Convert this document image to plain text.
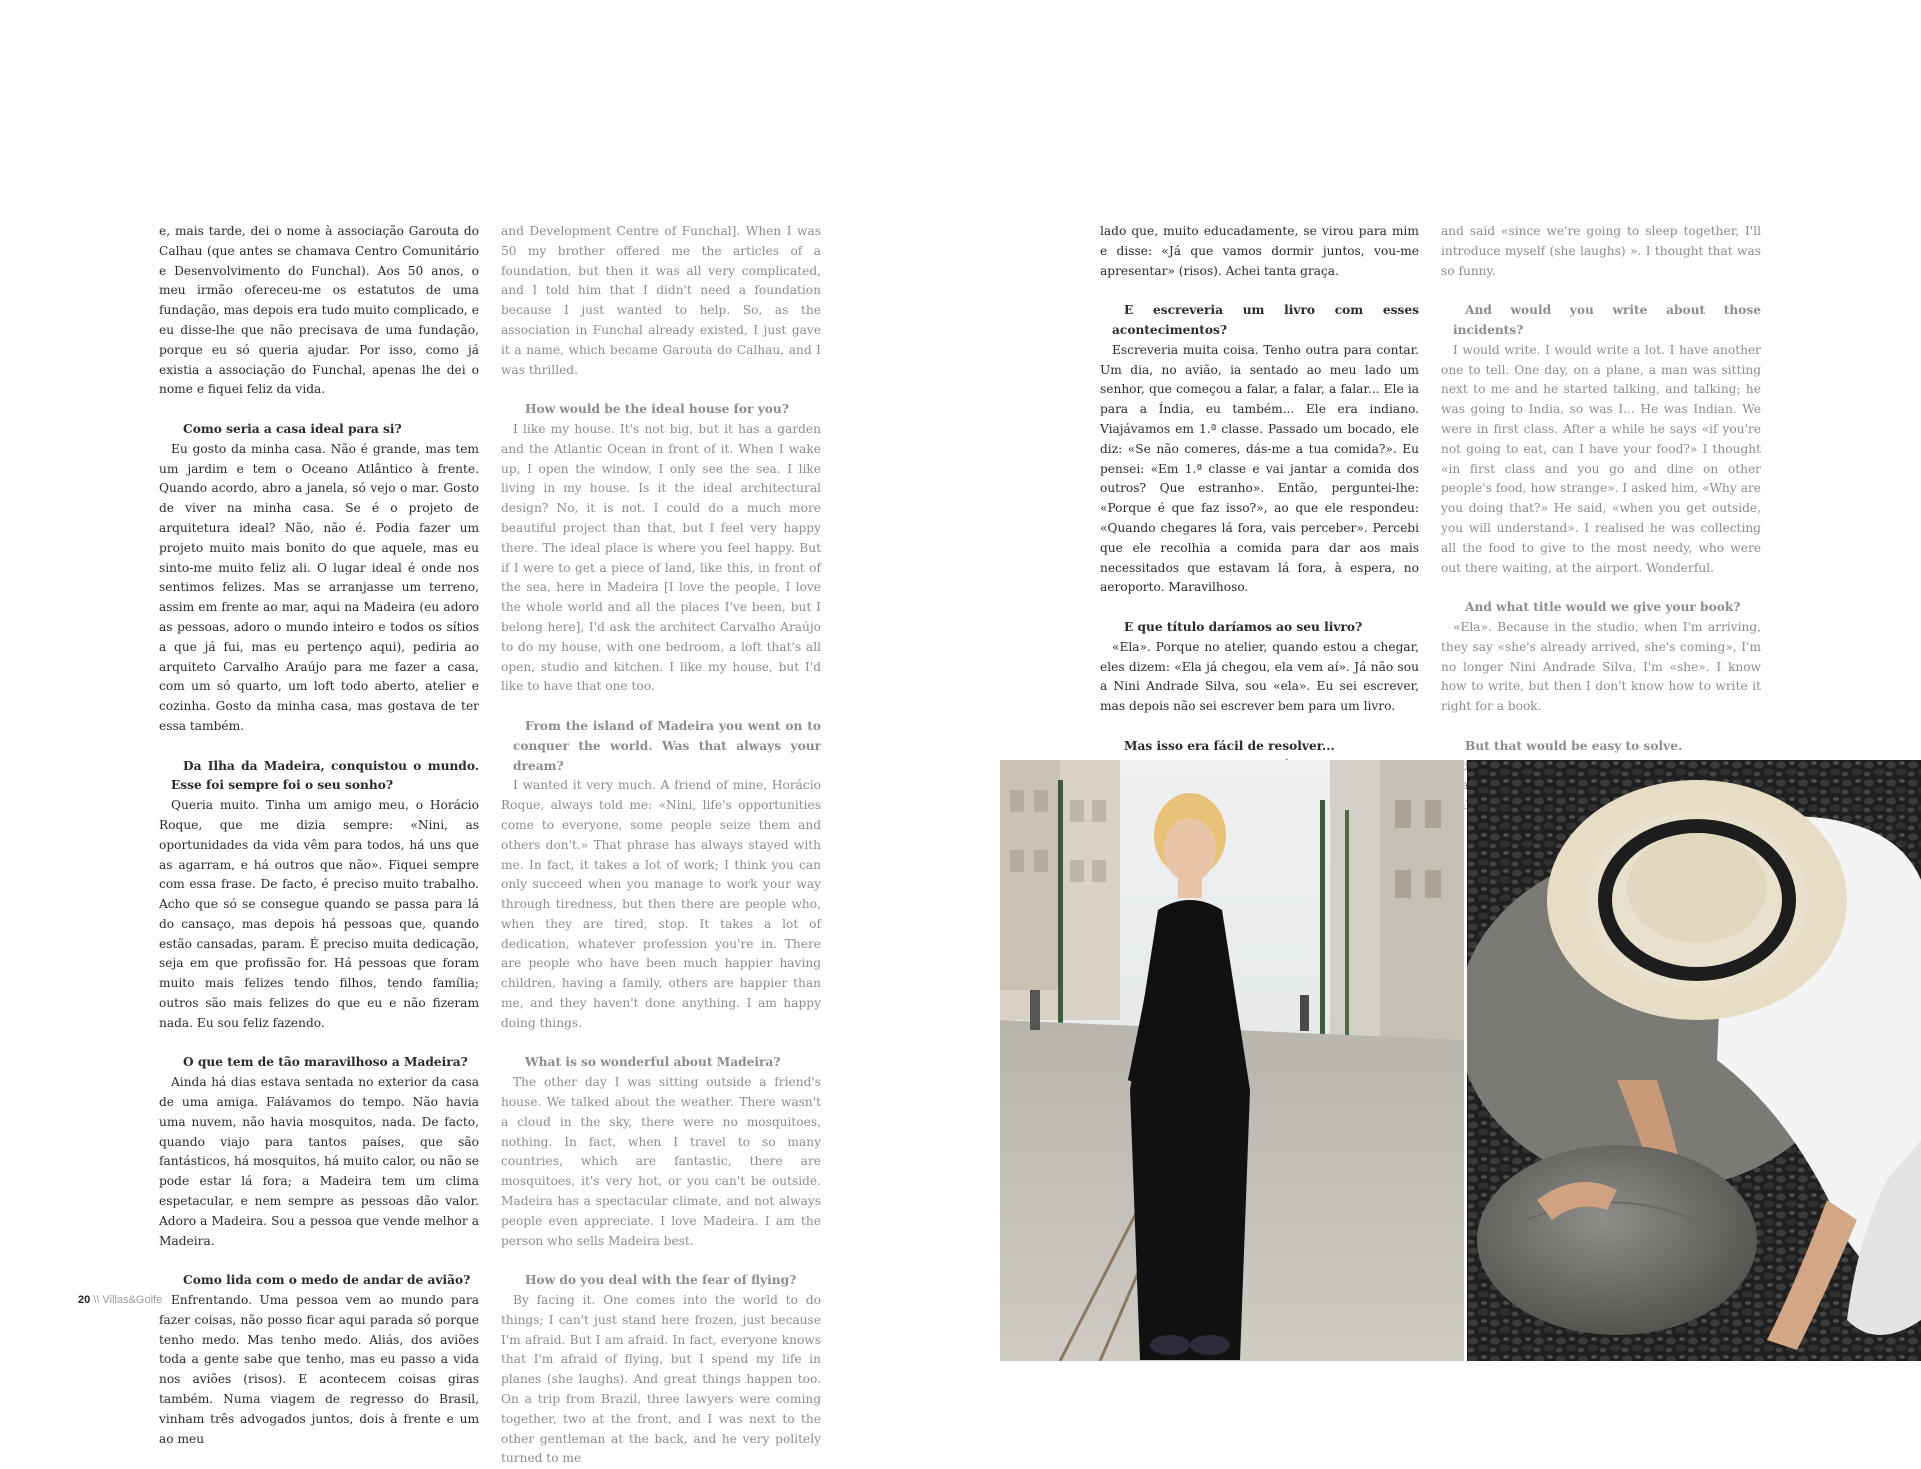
e, mais tarde, dei o nome à associação Garouta do Calhau (que antes se chamava Centro Comunitário e Desenvolvimento do Funchal). Aos 50 anos, o meu irmão ofereceu-me os estatutos de uma fundação, mas depois era tudo muito complicado, e eu disse-lhe que não precisava de uma fundação, porque eu só queria ajudar. Por isso, como já existia a associação do Funchal, apenas lhe dei o nome e fiquei feliz da vida.

Como seria a casa ideal para si?
Eu gosto da minha casa. Não é grande, mas tem um jardim e tem o Oceano Atlântico à frente. Quando acordo, abro a janela, só vejo o mar. Gosto de viver na minha casa. Se é o projeto de arquitetura ideal? Não, não é. Podia fazer um projeto muito mais bonito do que aquele, mas eu sinto-me muito feliz ali. O lugar ideal é onde nos sentimos felizes. Mas se arranjasse um terreno, assim em frente ao mar, aqui na Madeira (eu adoro as pessoas, adoro o mundo inteiro e todos os sítios a que já fui, mas eu pertenço aqui), pediria ao arquiteto Carvalho Araújo para me fazer a casa, com um só quarto, um loft todo aberto, atelier e cozinha. Gosto da minha casa, mas gostava de ter essa também.

Da Ilha da Madeira, conquistou o mundo. Esse foi sempre foi o seu sonho?
Queria muito. Tinha um amigo meu, o Horácio Roque, que me dizia sempre: «Nini, as oportunidades da vida vêm para todos, há uns que as agarram, e há outros que não». Fiquei sempre com essa frase. De facto, é preciso muito trabalho. Acho que só se consegue quando se passa para lá do cansaço, mas depois há pessoas que, quando estão cansadas, param. É preciso muita dedicação, seja em que profissão for. Há pessoas que foram muito mais felizes tendo filhos, tendo família; outros são mais felizes do que eu e não fizeram nada. Eu sou feliz fazendo.

O que tem de tão maravilhoso a Madeira?
Ainda há dias estava sentada no exterior da casa de uma amiga. Falávamos do tempo. Não havia uma nuvem, não havia mosquitos, nada. De facto, quando viajo para tantos países, que são fantásticos, há mosquitos, há muito calor, ou não se pode estar lá fora; a Madeira tem um clima espetacular, e nem sempre as pessoas dão valor. Adoro a Madeira. Sou a pessoa que vende melhor a Madeira.

Como lida com o medo de andar de avião?
Enfrentando. Uma pessoa vem ao mundo para fazer coisas, não posso ficar aqui parada só porque tenho medo. Mas tenho medo. Aliás, dos aviões toda a gente sabe que tenho, mas eu passo a vida nos aviões (risos). E acontecem coisas giras também. Numa viagem de regresso do Brasil, vinham três advogados juntos, dois à frente e um ao meu

and Development Centre of Funchal]. When I was 50 my brother offered me the articles of a foundation, but then it was all very complicated, and I told him that I didn't need a foundation because I just wanted to help. So, as the association in Funchal already existed, I just gave it a name, which became Garouta do Calhau, and I was thrilled.

How would be the ideal house for you?
I like my house. It's not big, but it has a garden and the Atlantic Ocean in front of it. When I wake up, I open the window, I only see the sea. I like living in my house. Is it the ideal architectural design? No, it is not. I could do a much more beautiful project than that, but I feel very happy there. The ideal place is where you feel happy. But if I were to get a piece of land, like this, in front of the sea, here in Madeira [I love the people, I love the whole world and all the places I've been, but I belong here], I'd ask the architect Carvalho Araújo to do my house, with one bedroom, a loft that's all open, studio and kitchen. I like my house, but I'd like to have that one too.

From the island of Madeira you went on to conquer the world. Was that always your dream?
I wanted it very much. A friend of mine, Horácio Roque, always told me: «Nini, life's opportunities come to everyone, some people seize them and others don't.» That phrase has always stayed with me. In fact, it takes a lot of work; I think you can only succeed when you manage to work your way through tiredness, but then there are people who, when they are tired, stop. It takes a lot of dedication, whatever profession you're in. There are people who have been much happier having children, having a family, others are happier than me, and they haven't done anything. I am happy doing things.

What is so wonderful about Madeira?
The other day I was sitting outside a friend's house. We talked about the weather. There wasn't a cloud in the sky, there were no mosquitoes, nothing. In fact, when I travel to so many countries, which are fantastic, there are mosquitoes, it's very hot, or you can't be outside. Madeira has a spectacular climate, and not always people even appreciate. I love Madeira. I am the person who sells Madeira best.

How do you deal with the fear of flying?
By facing it. One comes into the world to do things; I can't just stand here frozen, just because I'm afraid. But I am afraid. In fact, everyone knows that I'm afraid of flying, but I spend my life in planes (she laughs). And great things happen too. On a trip from Brazil, three lawyers were coming together, two at the front, and I was next to the other gentleman at the back, and he very politely turned to me

20 \\ Villas&Golfe

lado que, muito educadamente, se virou para mim e disse: «Já que vamos dormir juntos, vou-me apresentar» (risos). Achei tanta graça.

E escreveria um livro com esses acontecimentos?
Escreveria muita coisa. Tenho outra para contar. Um dia, no avião, ia sentado ao meu lado um senhor, que começou a falar, a falar, a falar... Ele ia para a Índia, eu também... Ele era indiano. Viajávamos em 1.ª classe. Passado um bocado, ele diz: «Se não comeres, dás-me a tua comida?». Eu pensei: «Em 1.ª classe e vai jantar a comida dos outros? Que estranho». Então, perguntei-lhe: «Porque é que faz isso?», ao que ele respondeu: «Quando chegares lá fora, vais perceber». Percebi que ele recolhia a comida para dar aos mais necessitados que estavam lá fora, à espera, no aeroporto. Maravilhoso.

E que título daríamos ao seu livro?
«Ela». Porque no atelier, quando estou a chegar, eles dizem: «Ela já chegou, ela vem aí». Já não sou a Nini Andrade Silva, sou «ela». Eu sei escrever, mas depois não sei escrever bem para um livro.

Mas isso era fácil de resolver...

and said «since we're going to sleep together, I'll introduce myself (she laughs) ». I thought that was so funny.

And would you write about those incidents?
I would write. I would write a lot. I have another one to tell. One day, on a plane, a man was sitting next to me and he started talking, and talking; he was going to India, so was I... He was Indian. We were in first class. After a while he says «if you're not going to eat, can I have your food?» I thought «in first class and you go and dine on other people's food, how strange». I asked him, «Why are you doing that?» He said, «when you get outside, you will understand». I realised he was collecting all the food to give to the most needy, who were out there waiting, at the airport. Wonderful.

And what title would we give your book?
«Ela». Because in the studio, when I'm arriving, they say «she's already arrived, she's coming», I'm no longer Nini Andrade Silva, I'm «she». I know how to write, but then I don't know how to write it right for a book.

But that would be easy to solve.
a
